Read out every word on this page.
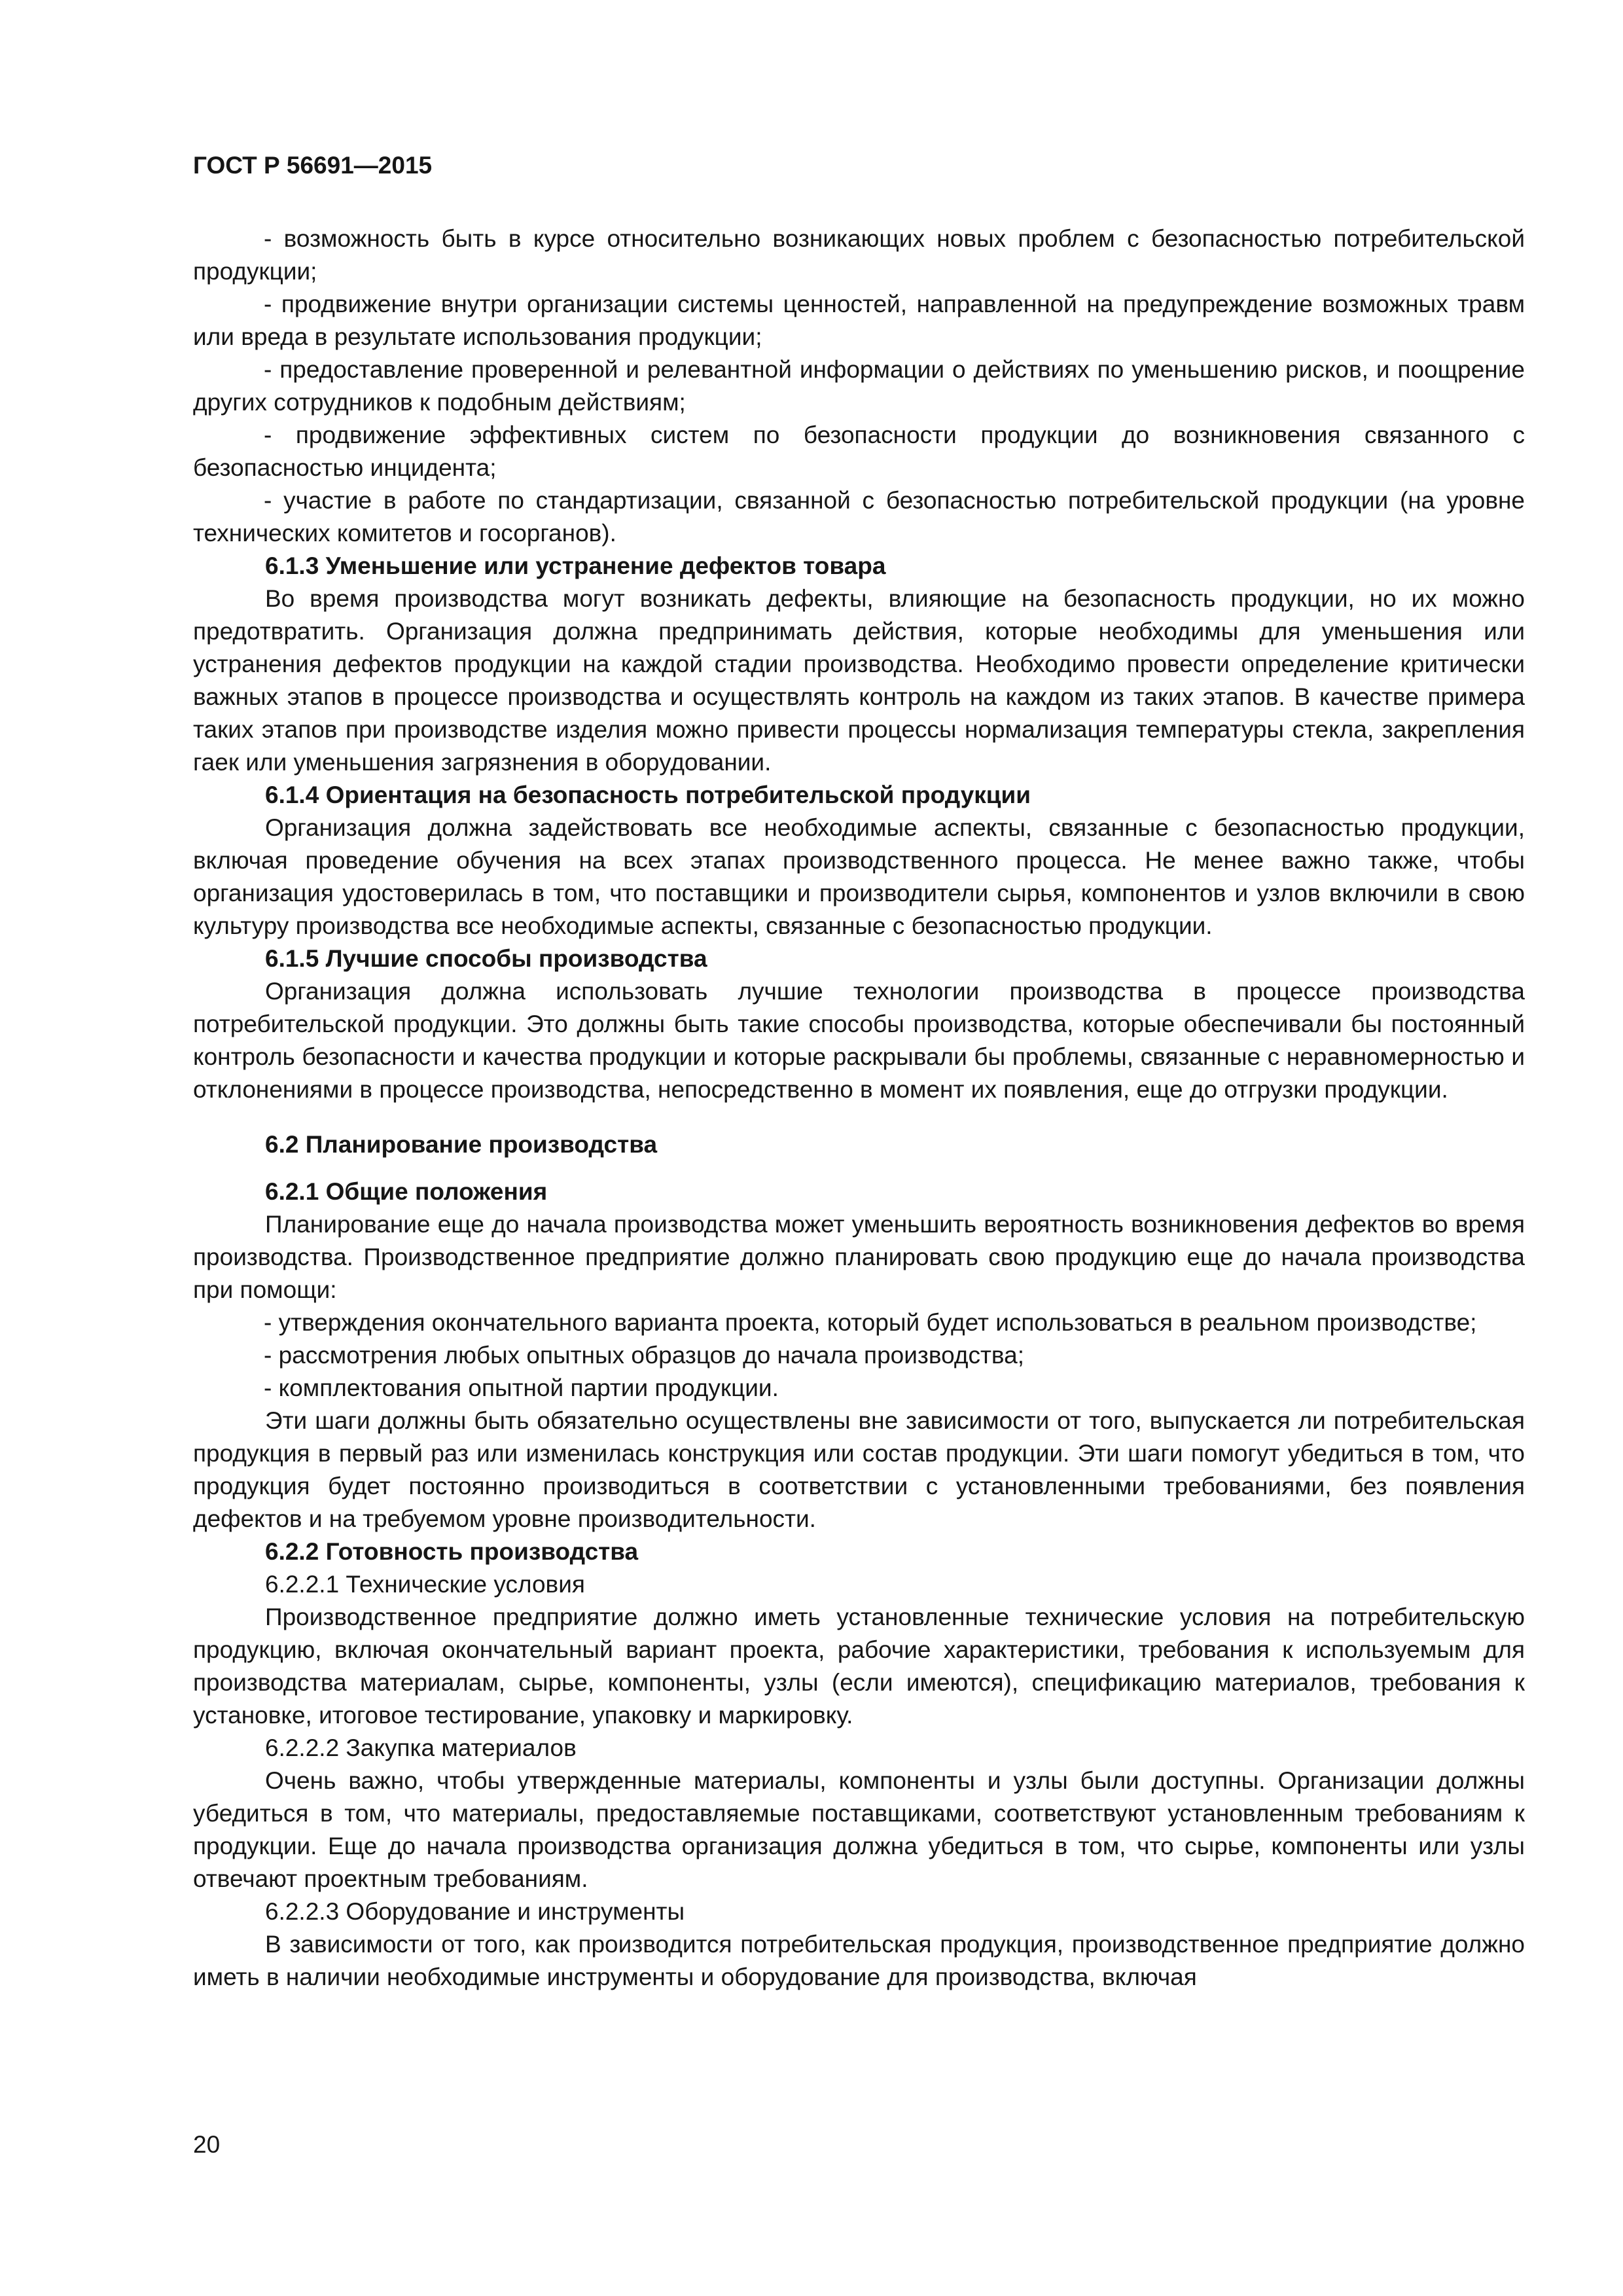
ГОСТ Р 56691—2015

- возможность быть в курсе относительно возникающих новых проблем с безопасностью потребительской продукции;

- продвижение внутри организации системы ценностей, направленной на предупреждение возможных травм или вреда в результате использования продукции;

- предоставление проверенной и релевантной информации о действиях по уменьшению рисков, и поощрение других сотрудников к подобным действиям;

- продвижение эффективных систем по безопасности продукции до возникновения связанного с безопасностью инцидента;

- участие в работе по стандартизации, связанной с безопасностью потребительской продукции (на уровне технических комитетов и госорганов).

6.1.3 Уменьшение или устранение дефектов товара

Во время производства могут возникать дефекты, влияющие на безопасность продукции, но их можно предотвратить. Организация должна предпринимать действия, которые необходимы для уменьшения или устранения дефектов продукции на каждой стадии производства. Необходимо провести определение критически важных этапов в процессе производства и осуществлять контроль на каждом из таких этапов. В качестве примера таких этапов при производстве изделия можно привести процессы нормализация температуры стекла, закрепления гаек или уменьшения загрязнения в оборудовании.

6.1.4 Ориентация на безопасность потребительской продукции

Организация должна задействовать все необходимые аспекты, связанные с безопасностью продукции, включая проведение обучения на всех этапах производственного процесса. Не менее важно также, чтобы организация удостоверилась в том, что поставщики и производители сырья, компонентов и узлов включили в свою культуру производства все необходимые аспекты, связанные с безопасностью продукции.

6.1.5 Лучшие способы производства

Организация должна использовать лучшие технологии производства в процессе производства потребительской продукции. Это должны быть такие способы производства, которые обеспечивали бы постоянный контроль безопасности и качества продукции и которые раскрывали бы проблемы, связанные с неравномерностью и отклонениями в процессе производства, непосредственно в момент их появления, еще до отгрузки продукции.

6.2 Планирование производства

6.2.1 Общие положения

Планирование еще до начала производства может уменьшить вероятность возникновения дефектов во время производства. Производственное предприятие должно планировать свою продукцию еще до начала производства при помощи:

- утверждения окончательного варианта проекта, который будет использоваться в реальном производстве;

- рассмотрения любых опытных образцов до начала производства;

- комплектования опытной партии продукции.

Эти шаги должны быть обязательно осуществлены вне зависимости от того, выпускается ли потребительская продукция в первый раз или изменилась конструкция или состав продукции. Эти шаги помогут убедиться в том, что продукция будет постоянно производиться в соответствии с установленными требованиями, без появления дефектов и на требуемом уровне производительности.

6.2.2 Готовность производства

6.2.2.1 Технические условия

Производственное предприятие должно иметь установленные технические условия на потребительскую продукцию, включая окончательный вариант проекта, рабочие характеристики, требования к используемым для производства материалам, сырье, компоненты, узлы (если имеются), спецификацию материалов, требования к установке, итоговое тестирование, упаковку и маркировку.

6.2.2.2 Закупка материалов

Очень важно, чтобы утвержденные материалы, компоненты и узлы были доступны. Организации должны убедиться в том, что материалы, предоставляемые поставщиками, соответствуют установленным требованиям к продукции. Еще до начала производства организация должна убедиться в том, что сырье, компоненты или узлы отвечают проектным требованиям.

6.2.2.3 Оборудование и инструменты

В зависимости от того, как производится потребительская продукция, производственное предприятие должно иметь в наличии необходимые инструменты и оборудование для производства, включая

20
